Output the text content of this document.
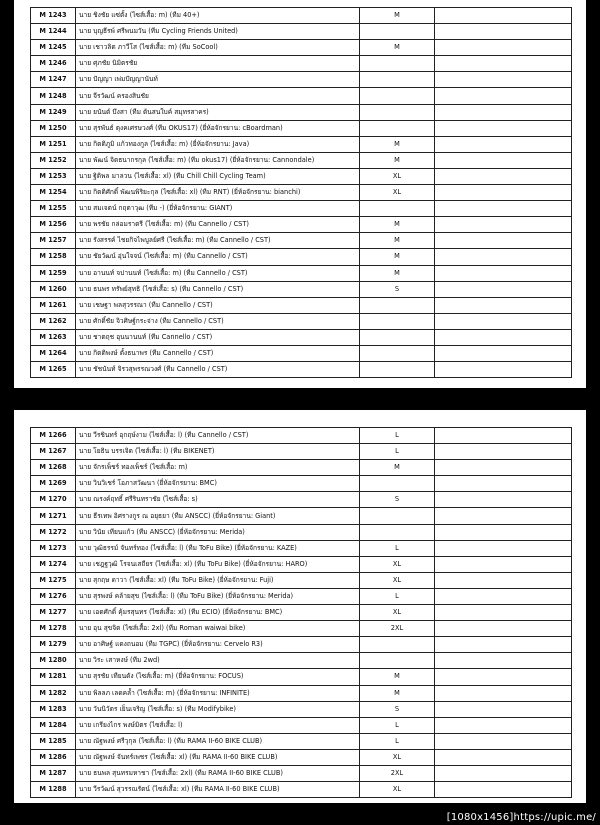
M 1243	นาย ชิงชัย แซ่ตั้ง (ไซส์เสื้อ: m) (ทีม 40+)	M	
M 1244	นาย บุญธีรพ์ ศรีพนมวัน (ทีม Cycling Friends United)		
M 1245	นาย เชาวลิต ภาวีโส (ไซส์เสื้อ: m) (ทีม SoCool)	M	
M 1246	นาย ศุภชัย นิมิตรชัย		
M 1247	นาย ปัญญา เพ่มปัญญานันท์		
M 1248	นาย จีรวัฒน์ ครองสินชัย		
M 1249	นาย ยนันต์ บึงสา (ทีม ต้นสนใบค์ สมุทรสาคร)		
M 1250	นาย สุรพันธ์ ตุงคเศรษวงศ์ (ทีม OKUS17) (ยี่ห้อจักรยาน: cBoardman)		
M 1251	นาย กิตติภูมิ แก้วทองกูล (ไซส์เสื้อ: m) (ยี่ห้อจักรยาน: Java)	M	
M 1252	นาย พัฒน์ จิตธนากรกุล (ไซส์เสื้อ: m) (ทีม okus17) (ยี่ห้อจักรยาน: Cannondale)	M	
M 1253	นาย ฐิติพล มาลวน (ไซส์เสื้อ: xl) (ทีม Chill Chill Cycling Team)	XL	
M 1254	นาย กิตติศักดิ์ พัฒนพิริยะกุล (ไซส์เสื้อ: xl) (ทีม RNT) (ยี่ห้อจักรยาน: bianchi)	XL	
M 1255	นาย สมเจตน์ กฤตาวุฒ (ทีม -) (ยี่ห้อจักรยาน: GIANT)		
M 1256	นาย พรชัย กล่อมราตรี (ไซส์เสื้อ: m) (ทีม Cannello / CST)	M	
M 1257	นาย รังสรรค์ ไชยกิจไพบูลย์ศรี (ไซส์เสื้อ: m) (ทีม Cannello / CST)	M	
M 1258	นาย ชัยวัฒน์ อุ่นใจจน์ (ไซส์เสื้อ: m) (ทีม Cannello / CST)	M	
M 1259	นาย อานนท์ จปานนท์ (ไซส์เสื้อ: m) (ทีม Cannello / CST)	M	
M 1260	นาย ธนพร ทรัพย์สุทธิ (ไซส์เสื้อ: s) (ทีม Cannello / CST)	S	
M 1261	นาย เชษฐา พลสุวรรณา (ทีม Cannello / CST)		
M 1262	นาย ศักดิ์ชัย จิวศิษฐ์กระจ่าง (ทีม Cannello / CST)		
M 1263	นาย ชาตฤช อุนนานนท์ (ทีม Cannello / CST)		
M 1264	นาย กิตติพงษ์ ตั้งธนาพร (ทีม Cannello / CST)		
M 1265	นาย ชัชนันท์ จิรวสุพรรณวงศ์ (ทีม Cannello / CST)		
M 1266	นาย วีรชินทร์ อุกฤษ์งาม (ไซส์เสื้อ: l) (ทีม Cannello / CST)	L	
M 1267	นาย โยธิน บรรเจิด (ไซส์เสื้อ: l) (ทีม BIKENET)	L	
M 1268	นาย จักรเพ็ชร์ ทองเพ็ชร์ (ไซส์เสื้อ: m)	M	
M 1269	นาย วินวิเชร์ โอภาสวัฒนา (ยี่ห้อจักรยาน: BMC)		
M 1270	นาย ณรงค์ฤทธิ์ ศรีรินทราชัย (ไซส์เสื้อ: s)	S	
M 1271	นาย ธีรเทพ อิศรางกูร ณ อยุธยา (ทีม ANSCC) (ยี่ห้อจักรยาน: Giant)		
M 1272	นาย วินัย เทียนแก้ว (ทีม ANSCC) (ยี่ห้อจักรยาน: Merida)		
M 1273	นาย วุฒิธรรม์ จันทร์ทอง (ไซส์เสื้อ: l) (ทีม ToFu Bike) (ยี่ห้อจักรยาน: KAZE)	L	
M 1274	นาย เชฎฐวุฒิ โรจนเสถียร (ไซส์เสื้อ: xl) (ทีม ToFu Bike) (ยี่ห้อจักรยาน: HARO)	XL	
M 1275	นาย สุกฤษ ดาวา (ไซส์เสื้อ: xl) (ทีม ToFu Bike) (ยี่ห้อจักรยาน: Fuji)	XL	
M 1276	นาย สุรพงษ์ คล้ายสุข (ไซส์เสื้อ: l) (ทีม ToFu Bike) (ยี่ห้อจักรยาน: Merida)	L	
M 1277	นาย เอดศักดิ์ คุ้มรสุนทร (ไซส์เสื้อ: xl) (ทีม ECIO) (ยี่ห้อจักรยาน: BMC)	XL	
M 1278	นาย อุน สุขจิต (ไซส์เสื้อ: 2xl) (ทีม Roman waiwai bike)	2XL	
M 1279	นาย อาศิษฐ์ แดงถนอม (ทีม TGPC) (ยี่ห้อจักรยาน: Cervelo R3)		
M 1280	นาย วิระ เสาหงษ์ (ทีม 2wd)		
M 1281	นาย สุรชัย เทียนดัง (ไซส์เสื้อ: m) (ยี่ห้อจักรยาน: FOCUS)	M	
M 1282	นาย พิลลภ เลดคล้ำ (ไซส์เสื้อ: m) (ยี่ห้อจักรยาน: INFINITE)	M	
M 1283	นาย วันนิวัตร เย็นเจริญ (ไซส์เสื้อ: s) (ทีม Modifybike)	S	
M 1284	นาย เกรียงไกร พงษ์มิตร (ไซส์เสื้อ: l)	L	
M 1285	นาย ณัฐพงษ์ ศรีวุกุล (ไซส์เสื้อ: l) (ทีม RAMA II-60 BIKE CLUB)	L	
M 1286	นาย ณัฐพงษ์ จันทร์เพชร (ไซส์เสื้อ: xl) (ทีม RAMA II-60 BIKE CLUB)	XL	
M 1287	นาย ธนพล สุนทรมหาชา (ไซส์เสื้อ: 2xl) (ทีม RAMA II-60 BIKE CLUB)	2XL	
M 1288	นาย วีรวัฒน์ สุวรรณรัตน์ (ไซส์เสื้อ: xl) (ทีม RAMA II-60 BIKE CLUB)	XL	
[1080x1456]https://upic.me/
